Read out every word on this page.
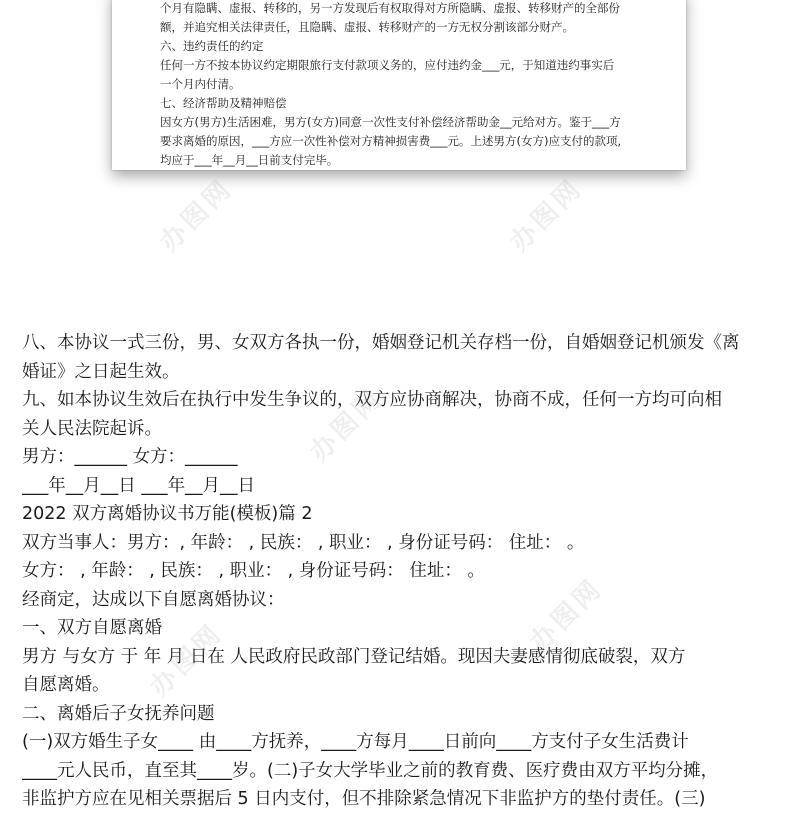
个月有隐瞒、虚报、转移的，另一方发现后有权取得对方所隐瞒、虚报、转移财产的全部份
额，并追究相关法律责任，且隐瞒、虚报、转移财产的一方无权分割该部分财产。
六、违约责任的约定
任何一方不按本协议约定期限旅行支付款项义务的，应付违约金___元，于知道违约事实后
一个月内付清。
七、经济帮助及精神赔偿
因女方(男方)生活困难，男方(女方)同意一次性支付补偿经济帮助金__元给对方。鉴于___方
要求离婚的原因，___方应一次性补偿对方精神损害费___元。上述男方(女方)应支付的款项,
均应于___年__月__日前支付完毕。
八、本协议一式三份，男、女双方各执一份，婚姻登记机关存档一份，自婚姻登记机颁发《离
婚证》之日起生效。
九、如本协议生效后在执行中发生争议的，双方应协商解决，协商不成，任何一方均可向相
关人民法院起诉。
男方：______ 女方：______
___年__月__日 ___年__月__日
2022 双方离婚协议书万能(模板)篇 2
双方当事人：男方：, 年龄： , 民族： , 职业： , 身份证号码： 住址： 。
女方： , 年龄： , 民族： , 职业： , 身份证号码： 住址： 。
经商定，达成以下自愿离婚协议：
一、双方自愿离婚
男方 与女方 于 年 月 日在 人民政府民政部门登记结婚。现因夫妻感情彻底破裂，双方
自愿离婚。
二、离婚后子女抚养问题
(一)双方婚生子女____ 由____方抚养，____方每月____日前向____方支付子女生活费计
____元人民币，直至其____岁。(二)子女大学毕业之前的教育费、医疗费由双方平均分摊，
非监护方应在见相关票据后 5 日内支付，但不排除紧急情况下非监护方的垫付责任。(三)
办图网	办图网
办图网
办图网
办图网
